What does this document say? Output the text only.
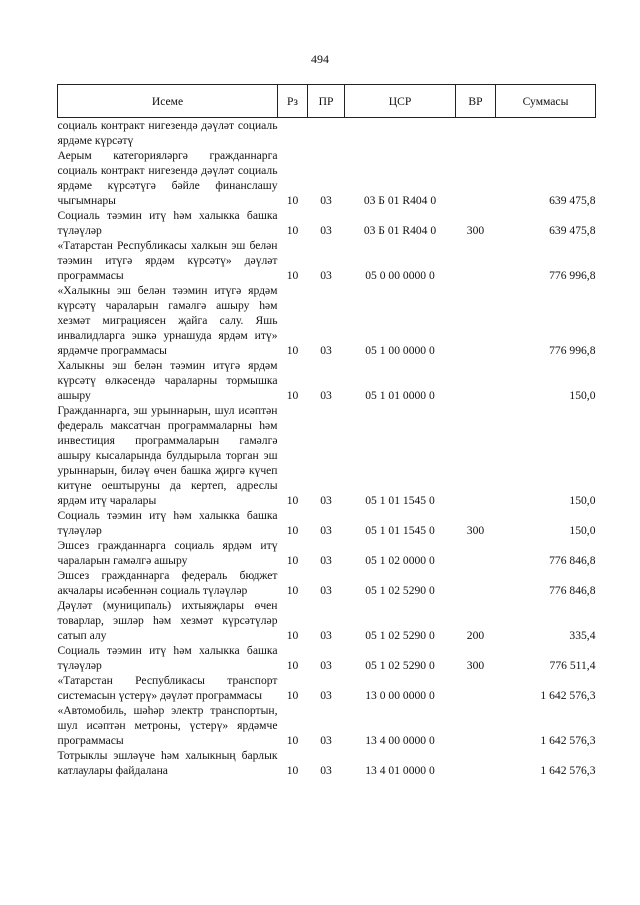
494
Исеме	Рз	ПР	ЦСР	ВР	Суммасы
социаль контракт нигезендә дәүләт социаль ярдәме күрсәтү					
Аерым категорияләргә гражданнарга социаль контракт нигезендә дәүләт социаль ярдәме күрсәтүгә бәйле финанслашу чыгымнары	10	03	03 Б 01 R404 0		639 475,8
Социаль тәэмин итү һәм халыкка башка түләүләр	10	03	03 Б 01 R404 0	300	639 475,8
«Татарстан Республикасы халкын эш белән тәэмин итүгә ярдәм күрсәтү» дәүләт программасы	10	03	05 0 00 0000 0		776 996,8
«Халыкны эш белән тәэмин итүгә ярдәм күрсәтү чараларын гамәлгә ашыру һәм хезмәт миграциясен җайга салу. Яшь инвалидларга эшкә урнашуда ярдәм итү» ярдәмче программасы	10	03	05 1 00 0000 0		776 996,8
Халыкны эш белән тәэмин итүгә ярдәм күрсәтү өлкәсендә чараларны тормышка ашыру	10	03	05 1 01 0000 0		150,0
Гражданнарга, эш урыннарын, шул исәптән федераль максатчан программаларны һәм инвестиция программаларын гамәлгә ашыру кысаларында булдырыла торган эш урыннарын, биләү өчен башка җиргә күчеп китүне оештыруны да кертеп, адреслы ярдәм итү чаралары	10	03	05 1 01 1545 0		150,0
Социаль тәэмин итү һәм халыкка башка түләүләр	10	03	05 1 01 1545 0	300	150,0
Эшсез гражданнарга социаль ярдәм итү чараларын гамәлгә ашыру	10	03	05 1 02 0000 0		776 846,8
Эшсез гражданнарга федераль бюджет акчалары исәбеннән социаль түләүләр	10	03	05 1 02 5290 0		776 846,8
Дәүләт (муниципаль) ихтыяҗлары өчен товарлар, эшләр һәм хезмәт күрсәтүләр сатып алу	10	03	05 1 02 5290 0	200	335,4
Социаль тәэмин итү һәм халыкка башка түләүләр	10	03	05 1 02 5290 0	300	776 511,4
«Татарстан Республикасы транспорт системасын үстерү» дәүләт программасы	10	03	13 0 00 0000 0		1 642 576,3
«Автомобиль, шәһәр электр транспортын, шул исәптән метроны, үстерү» ярдәмче программасы	10	03	13 4 00 0000 0		1 642 576,3
Тотрыклы эшләүче һәм халыкның барлык катлаулары файдалана	10	03	13 4 01 0000 0		1 642 576,3
